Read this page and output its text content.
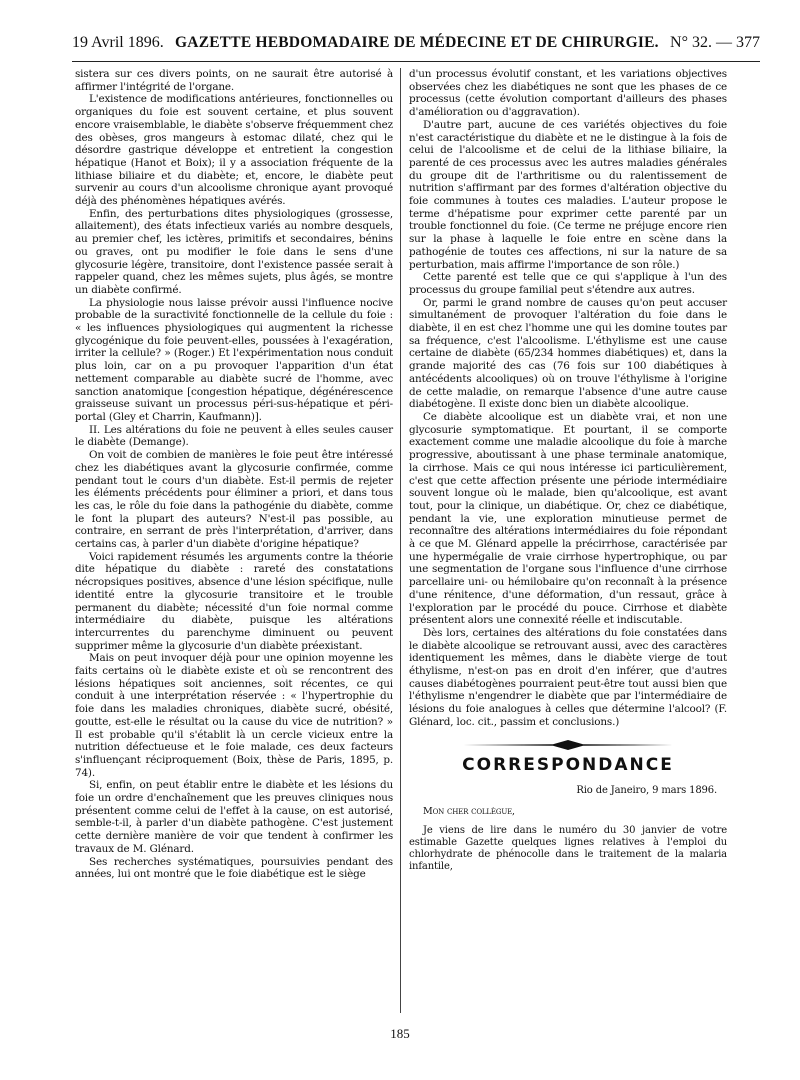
19 Avril 1896. GAZETTE HEBDOMADAIRE DE MÉDECINE ET DE CHIRURGIE. N° 32. — 377

sistera sur ces divers points, on ne saurait être autorisé à affirmer l'intégrité de l'organe.

L'existence de modifications antérieures, fonctionnelles ou organiques du foie est souvent certaine, et plus souvent encore vraisemblable, le diabète s'observe fréquemment chez des obèses, gros mangeurs à estomac dilaté, chez qui le désordre gastrique développe et entretient la congestion hépatique (Hanot et Boix); il y a association fréquente de la lithiase biliaire et du diabète; et, encore, le diabète peut survenir au cours d'un alcoolisme chronique ayant provoqué déjà des phénomènes hépatiques avérés.

Enfin, des perturbations dites physiologiques (grossesse, allaitement), des états infectieux variés au nombre desquels, au premier chef, les ictères, primitifs et secondaires, bénins ou graves, ont pu modifier le foie dans le sens d'une glycosurie légère, transitoire, dont l'existence passée serait à rappeler quand, chez les mêmes sujets, plus âgés, se montre un diabète confirmé.

La physiologie nous laisse prévoir aussi l'influence nocive probable de la suractivité fonctionnelle de la cellule du foie : « les influences physiologiques qui augmentent la richesse glycogénique du foie peuvent-elles, poussées à l'exagération, irriter la cellule? » (Roger.) Et l'expérimentation nous conduit plus loin, car on a pu provoquer l'apparition d'un état nettement comparable au diabète sucré de l'homme, avec sanction anatomique [congestion hépatique, dégénérescence graisseuse suivant un processus péri-sus-hépatique et péri-portal (Gley et Charrin, Kaufmann)].

II. Les altérations du foie ne peuvent à elles seules causer le diabète (Demange).

On voit de combien de manières le foie peut être intéressé chez les diabétiques avant la glycosurie confirmée, comme pendant tout le cours d'un diabète. Est-il permis de rejeter les éléments précédents pour éliminer a priori, et dans tous les cas, le rôle du foie dans la pathogénie du diabète, comme le font la plupart des auteurs? N'est-il pas possible, au contraire, en serrant de près l'interprétation, d'arriver, dans certains cas, à parler d'un diabète d'origine hépatique?

Voici rapidement résumés les arguments contre la théorie dite hépatique du diabète : rareté des constatations nécropsiques positives, absence d'une lésion spécifique, nulle identité entre la glycosurie transitoire et le trouble permanent du diabète; nécessité d'un foie normal comme intermédiaire du diabète, puisque les altérations intercurrentes du parenchyme diminuent ou peuvent supprimer même la glycosurie d'un diabète préexistant.

Mais on peut invoquer déjà pour une opinion moyenne les faits certains où le diabète existe et où se rencontrent des lésions hépatiques soit anciennes, soit récentes, ce qui conduit à une interprétation réservée : « l'hypertrophie du foie dans les maladies chroniques, diabète sucré, obésité, goutte, est-elle le résultat ou la cause du vice de nutrition? » Il est probable qu'il s'établit là un cercle vicieux entre la nutrition défectueuse et le foie malade, ces deux facteurs s'influençant réciproquement (Boix, thèse de Paris, 1895, p. 74).

Si, enfin, on peut établir entre le diabète et les lésions du foie un ordre d'enchaînement que les preuves cliniques nous présentent comme celui de l'effet à la cause, on est autorisé, semble-t-il, à parler d'un diabète pathogène. C'est justement cette dernière manière de voir que tendent à confirmer les travaux de M. Glénard.

Ses recherches systématiques, poursuivies pendant des années, lui ont montré que le foie diabétique est le siège

d'un processus évolutif constant, et les variations objectives observées chez les diabétiques ne sont que les phases de ce processus (cette évolution comportant d'ailleurs des phases d'amélioration ou d'aggravation).

D'autre part, aucune de ces variétés objectives du foie n'est caractéristique du diabète et ne le distingue à la fois de celui de l'alcoolisme et de celui de la lithiase biliaire, la parenté de ces processus avec les autres maladies générales du groupe dit de l'arthritisme ou du ralentissement de nutrition s'affirmant par des formes d'altération objective du foie communes à toutes ces maladies. L'auteur propose le terme d'hépatisme pour exprimer cette parenté par un trouble fonctionnel du foie. (Ce terme ne préjuge encore rien sur la phase à laquelle le foie entre en scène dans la pathogénie de toutes ces affections, ni sur la nature de sa perturbation, mais affirme l'importance de son rôle.)

Cette parenté est telle que ce qui s'applique à l'un des processus du groupe familial peut s'étendre aux autres.

Or, parmi le grand nombre de causes qu'on peut accuser simultanément de provoquer l'altération du foie dans le diabète, il en est chez l'homme une qui les domine toutes par sa fréquence, c'est l'alcoolisme. L'éthylisme est une cause certaine de diabète (65/234 hommes diabétiques) et, dans la grande majorité des cas (76 fois sur 100 diabétiques à antécédents alcooliques) où on trouve l'éthylisme à l'origine de cette maladie, on remarque l'absence d'une autre cause diabétogène. Il existe donc bien un diabète alcoolique.

Ce diabète alcoolique est un diabète vrai, et non une glycosurie symptomatique. Et pourtant, il se comporte exactement comme une maladie alcoolique du foie à marche progressive, aboutissant à une phase terminale anatomique, la cirrhose. Mais ce qui nous intéresse ici particulièrement, c'est que cette affection présente une période intermédiaire souvent longue où le malade, bien qu'alcoolique, est avant tout, pour la clinique, un diabétique. Or, chez ce diabétique, pendant la vie, une exploration minutieuse permet de reconnaître des altérations intermédiaires du foie répondant à ce que M. Glénard appelle la précirrhose, caractérisée par une hypermégalie de vraie cirrhose hypertrophique, ou par une segmentation de l'organe sous l'influence d'une cirrhose parcellaire uni- ou hémilobaire qu'on reconnaît à la présence d'une rénitence, d'une déformation, d'un ressaut, grâce à l'exploration par le procédé du pouce. Cirrhose et diabète présentent alors une connexité réelle et indiscutable.

Dès lors, certaines des altérations du foie constatées dans le diabète alcoolique se retrouvant aussi, avec des caractères identiquement les mêmes, dans le diabète vierge de tout éthylisme, n'est-on pas en droit d'en inférer, que d'autres causes diabétogènes pourraient peut-être tout aussi bien que l'éthylisme n'engendrer le diabète que par l'intermédiaire de lésions du foie analogues à celles que détermine l'alcool? (F. Glénard, loc. cit., passim et conclusions.)

CORRESPONDANCE
Rio de Janeiro, 9 mars 1896.
Mon cher collègue,

Je viens de lire dans le numéro du 30 janvier de votre estimable Gazette quelques lignes relatives à l'emploi du chlorhydrate de phénocolle dans le traitement de la malaria infantile,

185
